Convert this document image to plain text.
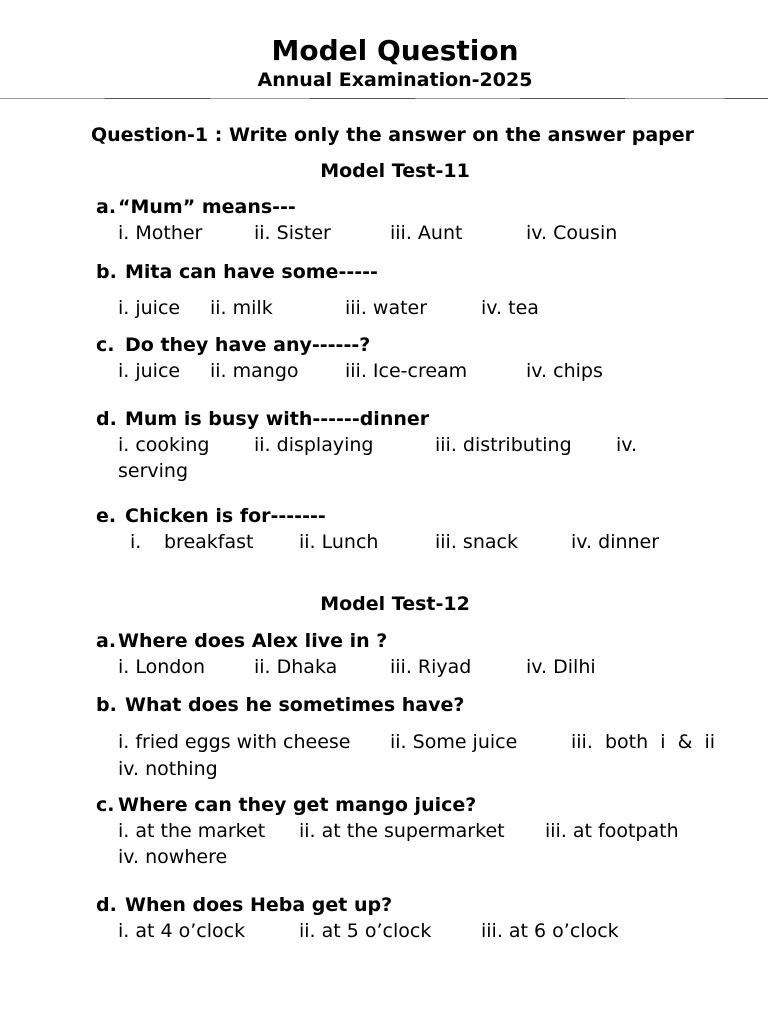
Model Question
Annual Examination-2025
Question-1 : Write only the answer on the answer paper
Model Test-11
a. “Mum” means---
i. Mother	ii. Sister	iii. Aunt	iv. Cousin
b. Mita can have some-----
i. juice ii. milk	iii. water	iv. tea
c. Do they have any------?
i. juice ii. mango iii. Ice-cream	iv. chips
d. Mum is busy with------dinner
i. cooking ii. displaying	iii. distributing iv.
serving
e. Chicken is for-------
i. breakfast ii. Lunch	iii. snack	iv. dinner
Model Test-12
a. Where does Alex live in ?
i. London	ii. Dhaka	iii. Riyad	iv. Dilhi
b. What does he sometimes have?
i. fried eggs with cheese ii. Some juice	iii.  both  i  &  ii
iv. nothing
c. Where can they get mango juice?
i. at the market ii. at the supermarket iii. at footpath
iv. nowhere
d. When does Heba get up?
i. at 4 o’clock	ii. at 5 o’clock	iii. at 6 o’clock
